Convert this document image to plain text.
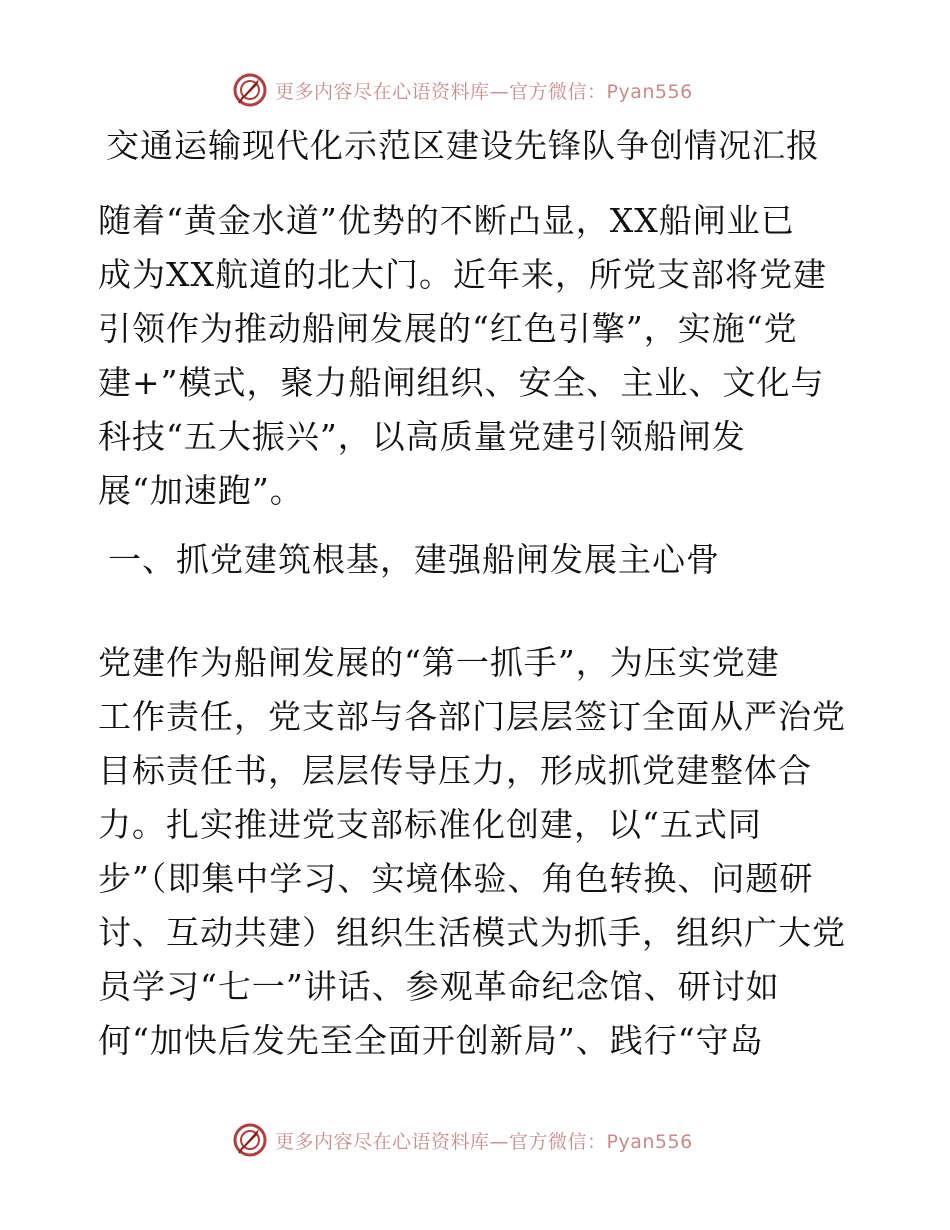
更多内容尽在心语资料库—官方微信：Pyan556
交通运输现代化示范区建设先锋队争创情况汇报

随着“黄金水道”优势的不断凸显，XX船闸业已
成为XX航道的北大门。近年来，所党支部将党建
引领作为推动船闸发展的“红色引擎”，实施“党
建+”模式，聚力船闸组织、安全、主业、文化与
科技“五大振兴”，以高质量党建引领船闸发
展“加速跑”。

一、抓党建筑根基，建强船闸发展主心骨

党建作为船闸发展的“第一抓手”，为压实党建
工作责任，党支部与各部门层层签订全面从严治党
目标责任书，层层传导压力，形成抓党建整体合
力。扎实推进党支部标准化创建，以“五式同
步”（即集中学习、实境体验、角色转换、问题研
讨、互动共建）组织生活模式为抓手，组织广大党
员学习“七一”讲话、参观革命纪念馆、研讨如
何“加快后发先至全面开创新局”、践行“守岛

更多内容尽在心语资料库—官方微信：Pyan556
